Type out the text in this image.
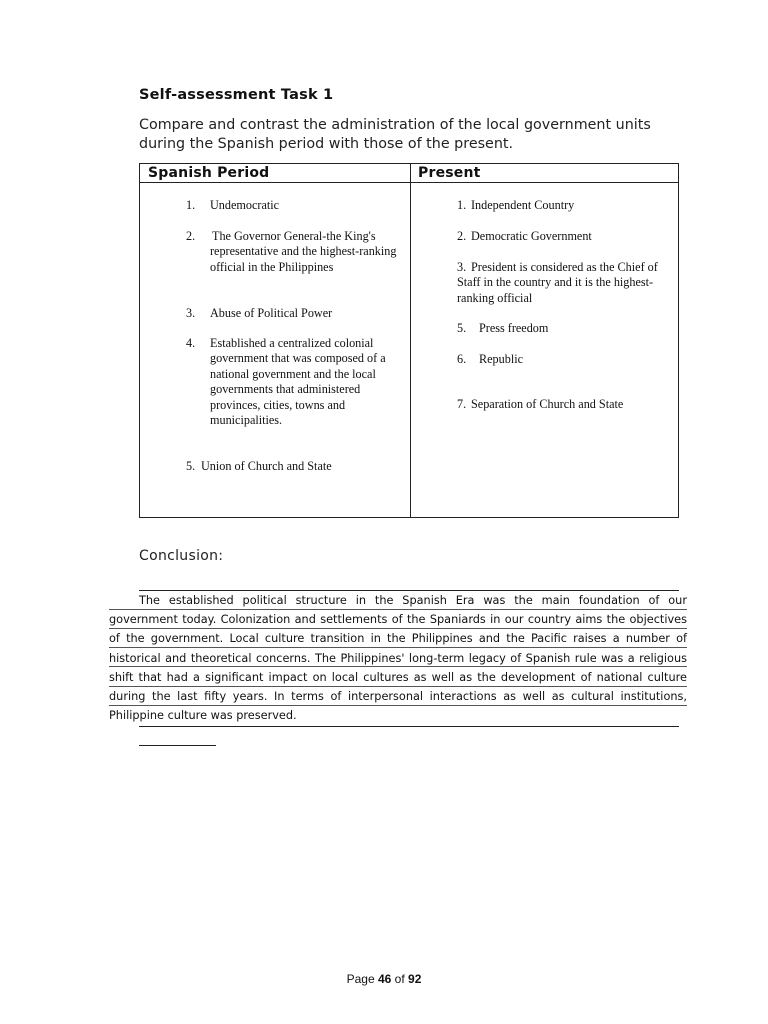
Self-assessment Task 1
Compare and contrast the administration of the local government units during the Spanish period with those of the present.
Spanish Period	Present
1. Undemocratic
2. The Governor General-the King's representative and the highest-ranking official in the Philippines
3. Abuse of Political Power
4. Established a centralized colonial government that was composed of a national government and the local governments that administered provinces, cities, towns and municipalities.
5. Union of Church and State
1. Independent Country
2. Democratic Government
3. President is considered as the Chief of Staff in the country and it is the highest-ranking official
5. Press freedom
6. Republic
7. Separation of Church and State
Conclusion:
The established political structure in the Spanish Era was the main foundation of our government today. Colonization and settlements of the Spaniards in our country aims the objectives of the government. Local culture transition in the Philippines and the Pacific raises a number of historical and theoretical concerns. The Philippines' long-term legacy of Spanish rule was a religious shift that had a significant impact on local cultures as well as the development of national culture during the last fifty years. In terms of interpersonal interactions as well as cultural institutions, Philippine culture was preserved.
Page 46 of 92
